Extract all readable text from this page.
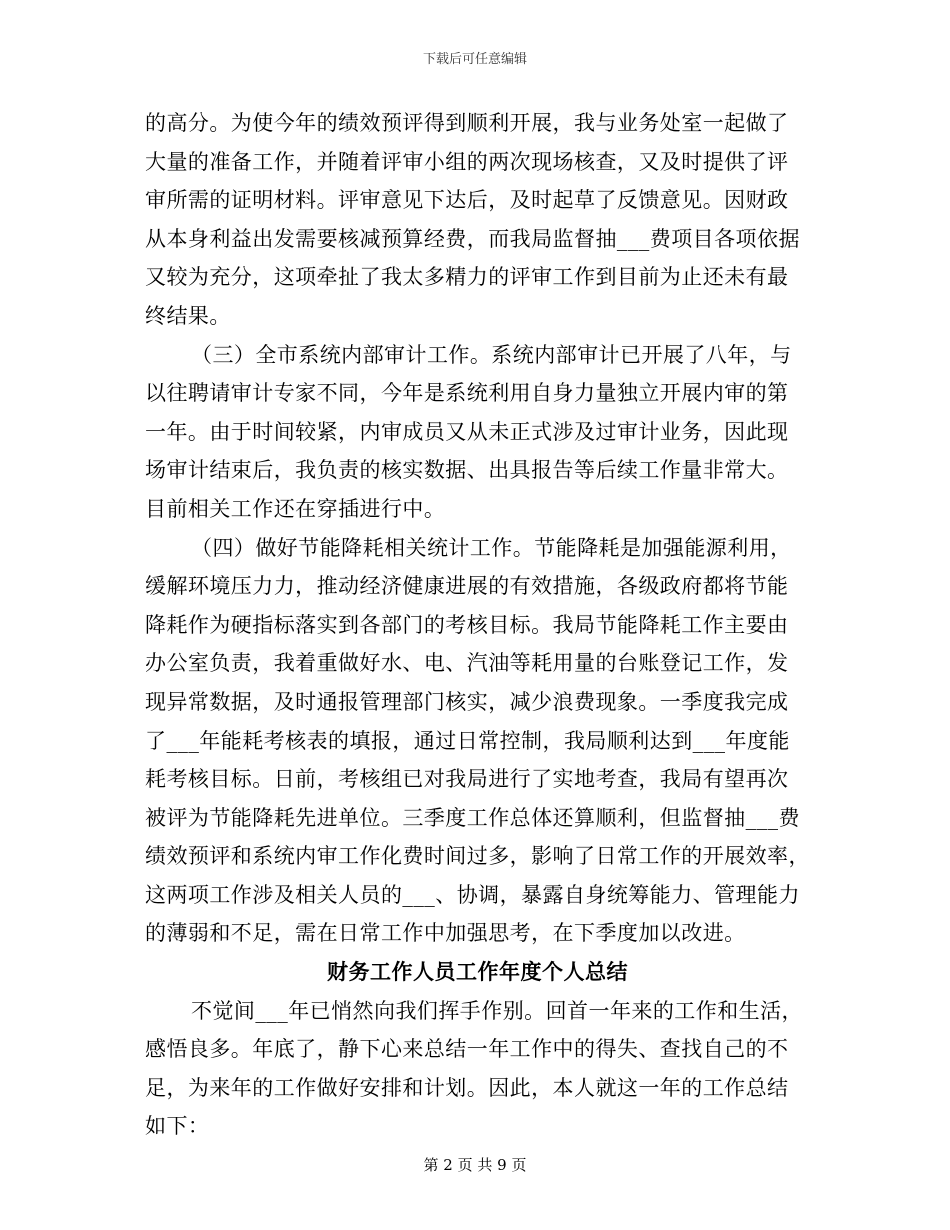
下载后可任意编辑
的高分。为使今年的绩效预评得到顺利开展，我与业务处室一起做了
大量的准备工作，并随着评审小组的两次现场核查，又及时提供了评
审所需的证明材料。评审意见下达后，及时起草了反馈意见。因财政
从本身利益出发需要核减预算经费，而我局监督抽___费项目各项依据
又较为充分，这项牵扯了我太多精力的评审工作到目前为止还未有最
终结果。
（三）全市系统内部审计工作。系统内部审计已开展了八年，与
以往聘请审计专家不同，今年是系统利用自身力量独立开展内审的第
一年。由于时间较紧，内审成员又从未正式涉及过审计业务，因此现
场审计结束后，我负责的核实数据、出具报告等后续工作量非常大。
目前相关工作还在穿插进行中。
（四）做好节能降耗相关统计工作。节能降耗是加强能源利用，
缓解环境压力力，推动经济健康进展的有效措施，各级政府都将节能
降耗作为硬指标落实到各部门的考核目标。我局节能降耗工作主要由
办公室负责，我着重做好水、电、汽油等耗用量的台账登记工作，发
现异常数据，及时通报管理部门核实，减少浪费现象。一季度我完成
了___年能耗考核表的填报，通过日常控制，我局顺利达到___年度能
耗考核目标。日前，考核组已对我局进行了实地考查，我局有望再次
被评为节能降耗先进单位。三季度工作总体还算顺利，但监督抽___费
绩效预评和系统内审工作化费时间过多，影响了日常工作的开展效率，
这两项工作涉及相关人员的___、协调，暴露自身统筹能力、管理能力
的薄弱和不足，需在日常工作中加强思考，在下季度加以改进。
财务工作人员工作年度个人总结
不觉间___年已悄然向我们挥手作别。回首一年来的工作和生活，
感悟良多。年底了，静下心来总结一年工作中的得失、查找自己的不
足，为来年的工作做好安排和计划。因此，本人就这一年的工作总结
如下：
第 2 页 共 9 页
